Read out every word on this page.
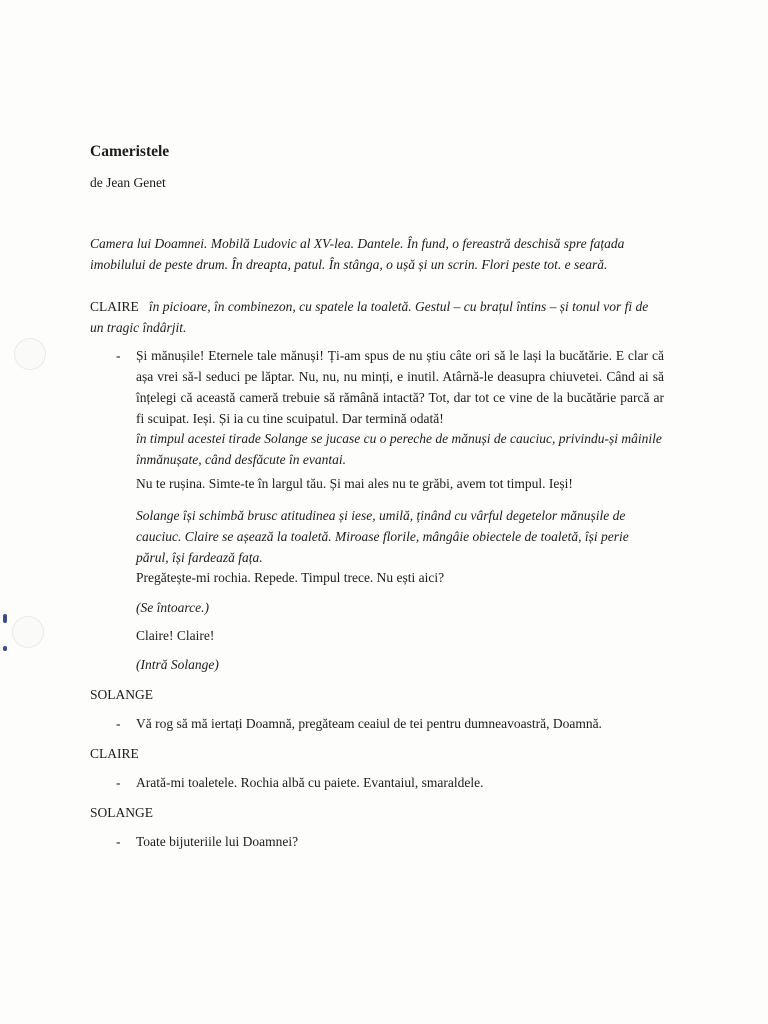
Cameristele
de Jean Genet
Camera lui Doamnei. Mobilă Ludovic al XV-lea. Dantele. În fund, o fereastră deschisă spre fațada imobilului de peste drum. În dreapta, patul. În stânga, o ușă și un scrin. Flori peste tot. e seară.
CLAIRE în picioare, în combinezon, cu spatele la toaletă. Gestul – cu brațul întins – și tonul vor fi de un tragic îndârjit.
- Și mănușile! Eternele tale mănuși! Ți-am spus de nu știu câte ori să le lași la bucătărie. E clar că așa vrei să-l seduci pe lăptar. Nu, nu, nu minți, e inutil. Atârnă-le deasupra chiuvetei. Când ai să înțelegi că această cameră trebuie să rămână intactă? Tot, dar tot ce vine de la bucătărie parcă ar fi scuipat. Ieși. Și ia cu tine scuipatul. Dar termină odată!
în timpul acestei tirade Solange se jucase cu o pereche de mănuși de cauciuc, privindu-și mâinile înmănușate, când desfăcute în evantai.
Nu te rușina. Simte-te în largul tău. Și mai ales nu te grăbi, avem tot timpul. Ieși!
Solange își schimbă brusc atitudinea și iese, umilă, ținând cu vârful degetelor mănușile de cauciuc. Claire se așează la toaletă. Miroase florile, mângâie obiectele de toaletă, își perie părul, își fardează fața.
Pregătește-mi rochia. Repede. Timpul trece. Nu ești aici?
(Se întoarce.)
Claire! Claire!
(Intră Solange)
SOLANGE
- Vă rog să mă iertați Doamnă, pregăteam ceaiul de tei pentru dumneavoastră, Doamnă.
CLAIRE
- Arată-mi toaletele. Rochia albă cu paiete. Evantaiul, smaraldele.
SOLANGE
- Toate bijuteriile lui Doamnei?
